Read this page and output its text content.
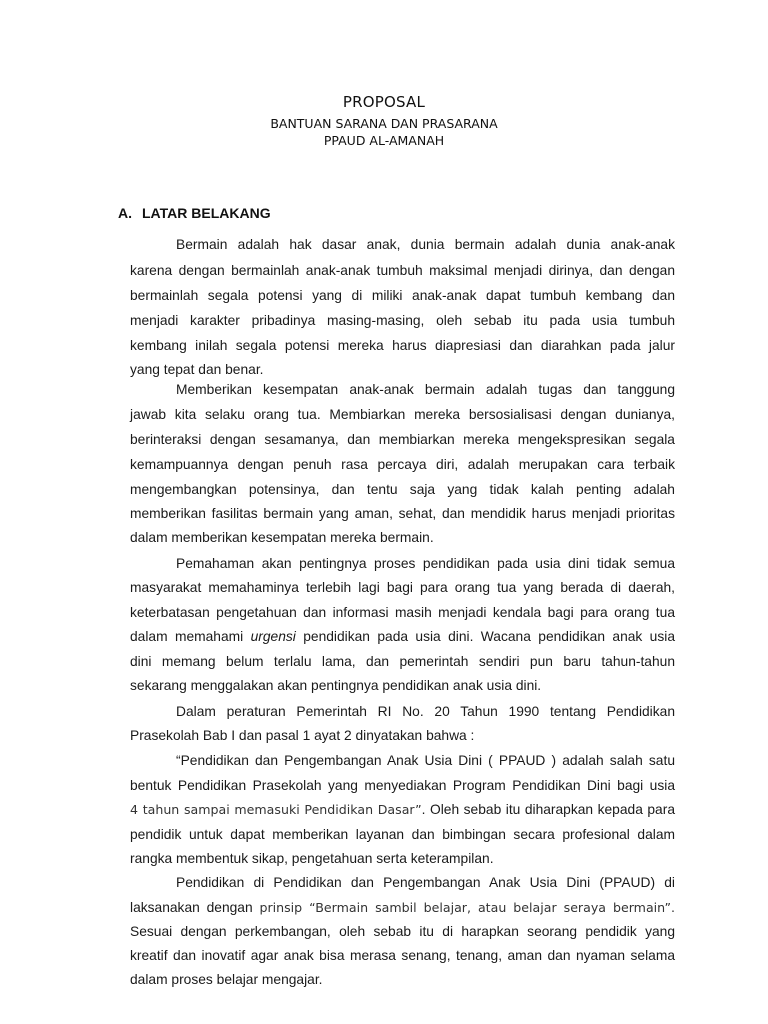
PROPOSAL
BANTUAN SARANA DAN PRASARANA
PPAUD AL-AMANAH
A. LATAR BELAKANG
Bermain adalah hak dasar anak, dunia bermain adalah dunia anak-anak
karena dengan bermainlah anak-anak tumbuh maksimal menjadi dirinya, dan dengan
bermainlah segala potensi yang di miliki anak-anak dapat tumbuh kembang dan
menjadi karakter pribadinya masing-masing, oleh sebab itu pada usia tumbuh
kembang inilah segala potensi mereka harus diapresiasi dan diarahkan pada jalur
yang tepat dan benar.
Memberikan kesempatan anak-anak bermain adalah tugas dan tanggung
jawab kita selaku orang tua. Membiarkan mereka bersosialisasi dengan dunianya,
berinteraksi dengan sesamanya, dan membiarkan mereka mengekspresikan segala
kemampuannya dengan penuh rasa percaya diri, adalah merupakan cara terbaik
mengembangkan potensinya, dan tentu saja yang tidak kalah penting adalah
memberikan fasilitas bermain yang aman, sehat, dan mendidik harus menjadi prioritas
dalam memberikan kesempatan mereka bermain.
Pemahaman akan pentingnya proses pendidikan pada usia dini tidak semua
masyarakat memahaminya terlebih lagi bagi para orang tua yang berada di daerah,
keterbatasan pengetahuan dan informasi masih menjadi kendala bagi para orang tua
dalam memahami urgensi pendidikan pada usia dini. Wacana pendidikan anak usia
dini memang belum terlalu lama, dan pemerintah sendiri pun baru tahun-tahun
sekarang menggalakan akan pentingnya pendidikan anak usia dini.
Dalam peraturan Pemerintah RI No. 20 Tahun 1990 tentang Pendidikan
Prasekolah Bab I dan pasal 1 ayat 2 dinyatakan bahwa :
“Pendidikan dan Pengembangan Anak Usia Dini ( PPAUD ) adalah salah satu
bentuk Pendidikan Prasekolah yang menyediakan Program Pendidikan Dini bagi usia
4 tahun sampai memasuki Pendidikan Dasar”. Oleh sebab itu diharapkan kepada para
pendidik untuk dapat memberikan layanan dan bimbingan secara profesional dalam
rangka membentuk sikap, pengetahuan serta keterampilan.
Pendidikan di Pendidikan dan Pengembangan Anak Usia Dini (PPAUD) di
laksanakan dengan prinsip “Bermain sambil belajar, atau belajar seraya bermain”.
Sesuai dengan perkembangan, oleh sebab itu di harapkan seorang pendidik yang
kreatif dan inovatif agar anak bisa merasa senang, tenang, aman dan nyaman selama
dalam proses belajar mengajar.
